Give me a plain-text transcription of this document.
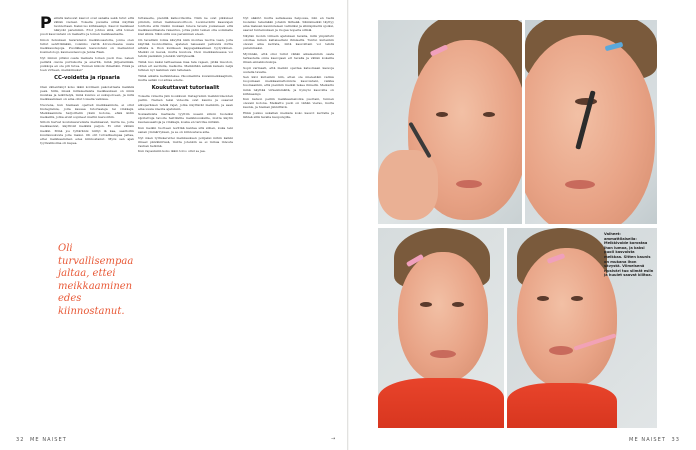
Peilistä katsovat kasvot ovat sanalla sekä tutut että vähän vieraat. Toisella puolella silmä näyttää luonnoltaan. Kaksi iso kirkkaampi. Kasvot meikkaat näkyvät paremmin. Erot johtuu siitä, että toinen puoli kasvoistani on meikattu ja toinen meikkaamatta.

Innon hokuksen tavaratalon meikkiosastolla, jonne olen tullut selvittämään, voisinko viettä 40-vuotiaana uusia meikkaustapoja. Puolikkaan kasvoistani on meikannut kosmetologi, kauneusneuvoja Jenna Rask.

Nyt minun pitäisi osata meikata toinen puoli itse. Laken peilistä olevia purnukoita ja eneritä, minä järjestelmää-puikkoja en ole piti tutua. Tunnen kiikoni ihmeltäin. Enkä ja toen virheen, meikkimuksi?

CC-voidetta ja ripsaria

Olen vähentänyt koko ikäni kotimeni pakotettasta meikkiä pesä. Siitä, missä millaisellaista meikkauksen on minä muistaa ja leikittelyä, minä kuuluu ei sukupolveen, ja mitä meikkaamisen on aina ollut toisella vaikissa.

Nuorena, kun hiemaan opetteli meikkaamista, ei ollut Instagramia, joita kausaa tutoriaaleja tai vinkkejä. Meikkaamista harjoittelin yksin kotona, ehkä äidin meikeillä, jotka eivät sopineet mariin kasvoiihin.

Silloin harvat koulukaverenista meikkaavat, mutta ne, joita meikkasivat, käyttivät meikkiä paljon. Ei ollut vähäm meikki. Minä jos tyttäränni niiltyi lä kaa, saattoitin kuulisuuskuvia jolle maksi. Oli olit turvallisempaa jaltaa, ettei meikkaaminen edes kiinnostanut. Myös sen ajan tyylivalikoima oli kapea.

tuttaleelle, pienillä kaikovitsoilla. Näin ne ovat pikkuiset pimmin, miten meikkausvoittoon. Luonnevärin kaasvajen tonttolle että riisiiin mukaan tuleva tavara joukaiseen että meikkausilmaista rakentuu, jotka pidin teinen olla sommalle kiat silmä. Näin siitä uus paremman eteen.

On tavallisin lomia kävyttä näin montaa nuotta vaan, joita käyttää luonnollisina, ajatelen naisesani pehteviä dortia aihista ä. Ihon kuinkeen kappajakkaaiksen tyytyväinen. Meikki on keveä, mutta kuulova. Ihon meikkauksessa voi tehdä pieniäkin jotenkin värityksellä.

Tämä nuo kaksi laitteenaaa maa tala vajeen, pitää muodon, sitten eri saviluita, melkolla. Meikkihän selkää katselu neljä tutkien nyt laskinan vain tallelaan.

Tämä aikalta kerääntekee rikosmeiliita kuvanmeikkaajiluin, mutta sehän voi ahtaa edelle.

Koukuttavat tutoriaalit

Toisella videolla jäin koukkuun Instagramin meikkivideoiden pariin. Nainen teksi videolla ovat kaunis ja osaavat alkuperäisen tehdä rajat, jotka näyttävät meikkiin, ja saan aina uusia ideoita ajatuksin.

Sosiaalisista mediasta tyyttiin useein silloin tuoleiksi sijoitettuja tavoite heittäville meikkisuuksille, mutta käytin kauneusaaltoja ja vinkkejä, koska en tarvitse mitään.

Kun meikin tuotteen levittää kantaa sitä siihen, kuka teki sanan ymmärryksen, ja se on kiinnostava aihe.

Nyt näen tyttiskerettei meikkauksen pohjaksi mihin kaikki ilmeet päiväkiirissä, mutta jotenkin se ei minua innosta rauhan hetkinä.

Kun rapauksiin koko ikäni toivo ollut se jaa.

Nyt sääntö mutta sellaisessa helpossa, niin en tiedä luolenko tekemään jotakin tärkeää. Silmämeikki täyttyy aina maksan kaunisteleen valmiiksi ja silmäpikeriä ujoiksi, saavat tuntemuksen ja ruojaa nopeita silmiä.

Näytän monin viimein ajatuksen tavalla, mitä ympäristö odottaa minun kaltaiseltani ihmiseltä. Tuntui kuitenkin olevan aika kerrata, mitä kasvoiltani voi tehdä paremmaksi.

Myönnän, että olisi tullut vähän aikaisemmin osata tarkastella omia kasvojaan eri tavalla ja vähän kokeilla ilman ennakkoluuloja.

Sopii varmasti, että meikki opettaa katsomaan kasvoja uudella tavalla.

Sen kävi kuitenkin niin, etten ole mielestäni valmis luopumaan meikkaamattomista kasvoistani, vaikka huomaankin, että pienikin meikki tekee ihmeitä. Meikattu minä näyttää virkeämmältä, ja hymyni kasvoilla on kirkkaampi.

Kun katson peiliin meikkaamatonta puoltani, tunnen olevani kotona. Meikattu puoli on vähän vieras, mutta kaunis, ja hieman jännittävä.

Ehkä joskus uskallan meikata koko kasvot kerralla ja lähteä sillä tavalla kaupungille.

Oli turvallisempaa jaltaa, ettei meikkaaminen edes kiinnostanut.
32 ME NAISET	→	ME NAISET 33
Vaiheet: ammattilaisella: Meikkivoide korostaa ihon lumoa, ja kaksi puoli kasvoista meikkaa. Sitten kaunis on mukana ihon sävystä. Viimeisenä ripsiväri tuo silmät esiin ja huulet saavat kiiltoa.
